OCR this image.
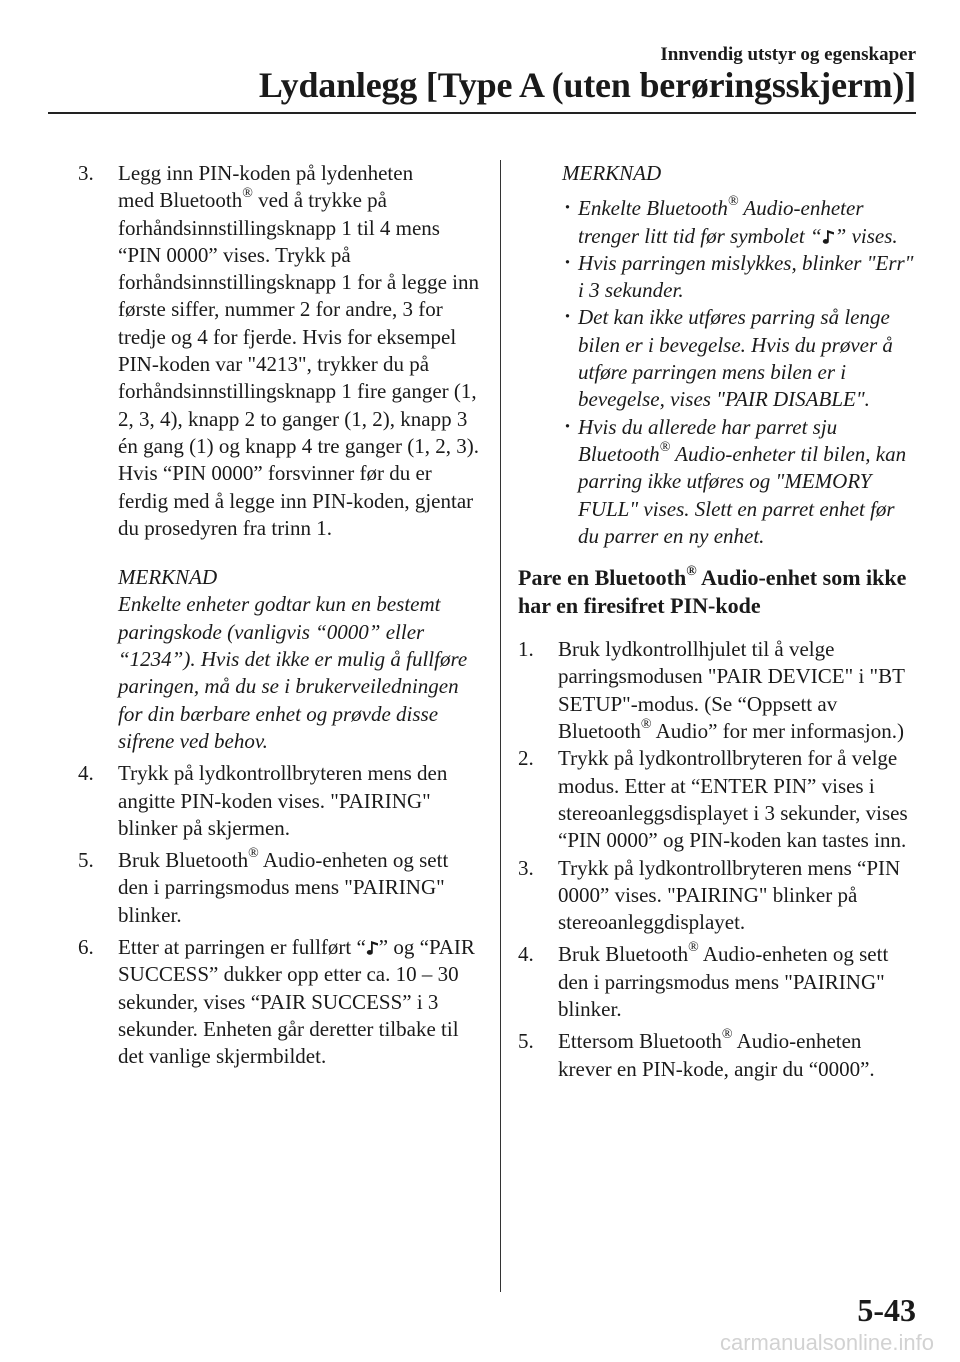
Innvendig utstyr og egenskaper
Lydanlegg [Type A (uten berøringsskjerm)]
3. Legg inn PIN-koden på lydenheten
med Bluetooth® ved å trykke på forhåndsinnstillingsknapp 1 til 4 mens “PIN 0000” vises. Trykk på forhåndsinnstillingsknapp 1 for å legge inn første siffer, nummer 2 for andre, 3 for tredje og 4 for fjerde. Hvis for eksempel PIN-koden var "4213", trykker du på forhåndsinnstillingsknapp 1 fire ganger (1, 2, 3, 4), knapp 2 to ganger (1, 2), knapp 3 én gang (1) og knapp 4 tre ganger (1, 2, 3). Hvis “PIN 0000” forsvinner før du er ferdig med å legge inn PIN-koden, gjentar du prosedyren fra trinn 1.
MERKNAD
Enkelte enheter godtar kun en bestemt paringskode (vanligvis “0000” eller “1234”). Hvis det ikke er mulig å fullføre paringen, må du se i brukerveiledningen for din bærbare enhet og prøvde disse sifrene ved behov.
4. Trykk på lydkontrollbryteren mens den angitte PIN-koden vises. "PAIRING" blinker på skjermen.
5. Bruk Bluetooth® Audio-enheten og sett den i parringsmodus mens "PAIRING" blinker.
6. Etter at parringen er fullført “ ” og “PAIR SUCCESS” dukker opp etter ca. 10 – 30 sekunder, vises “PAIR SUCCESS” i 3 sekunder. Enheten går deretter tilbake til det vanlige skjermbildet.
MERKNAD
· Enkelte Bluetooth® Audio-enheter trenger litt tid før symbolet “ ” vises.
· Hvis parringen mislykkes, blinker "Err" i 3 sekunder.
· Det kan ikke utføres parring så lenge bilen er i bevegelse. Hvis du prøver å utføre parringen mens bilen er i bevegelse, vises "PAIR DISABLE".
· Hvis du allerede har parret sju Bluetooth® Audio-enheter til bilen, kan parring ikke utføres og "MEMORY FULL" vises. Slett en parret enhet før du parrer en ny enhet.
Pare en Bluetooth® Audio-enhet som ikke har en firesifret PIN-kode
1. Bruk lydkontrollhjulet til å velge parringsmodusen "PAIR DEVICE" i "BT SETUP"-modus. (Se “Oppsett av Bluetooth® Audio” for mer informasjon.)
2. Trykk på lydkontrollbryteren for å velge modus. Etter at “ENTER PIN” vises i stereoanleggsdisplayet i 3 sekunder, vises “PIN 0000” og PIN-koden kan tastes inn.
3. Trykk på lydkontrollbryteren mens “PIN 0000” vises. "PAIRING" blinker på stereoanleggdisplayet.
4. Bruk Bluetooth® Audio-enheten og sett den i parringsmodus mens "PAIRING" blinker.
5. Ettersom Bluetooth® Audio-enheten krever en PIN-kode, angir du “0000”.
5-43
carmanualsonline.info
